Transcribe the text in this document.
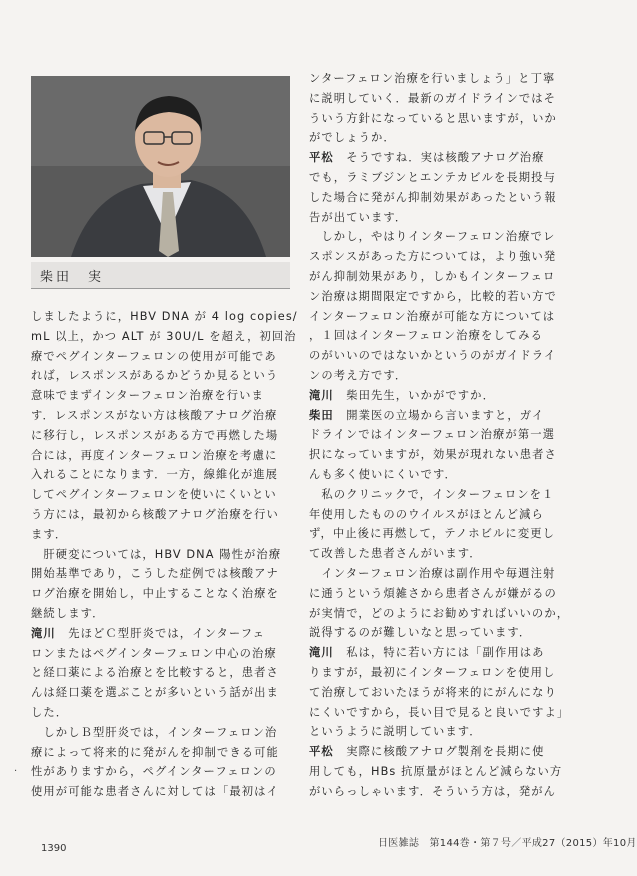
柴田　実
しましたように，HBV DNA が 4 log copies/
mL 以上，かつ ALT が 30U/L を超え，初回治
療でペグインターフェロンの使用が可能であ
れば，レスポンスがあるかどうか見るという
意味でまずインターフェロン治療を行いま
す．レスポンスがない方は核酸アナログ治療
に移行し，レスポンスがある方で再燃した場
合には，再度インターフェロン治療を考慮に
入れることになります．一方，線維化が進展
してペグインターフェロンを使いにくいとい
う方には，最初から核酸アナログ治療を行い
ます．
　肝硬変については，HBV DNA 陽性が治療
開始基準であり，こうした症例では核酸アナ
ログ治療を開始し，中止することなく治療を
継続します．
滝川　 先ほどＣ型肝炎では，インターフェ
ロンまたはペグインターフェロン中心の治療
と経口薬による治療とを比較すると，患者さ
んは経口薬を選ぶことが多いという話が出ま
した．
　しかしＢ型肝炎では，インターフェロン治
療によって将来的に発がんを抑制できる可能
性がありますから，ペグインターフェロンの
使用が可能な患者さんに対しては「最初はイ
ンターフェロン治療を行いましょう」と丁寧
に説明していく．最新のガイドラインではそ
ういう方針になっていると思いますが，いか
がでしょうか．
平松　 そうですね．実は核酸アナログ治療
でも，ラミブジンとエンテカビルを長期投与
した場合に発がん抑制効果があったという報
告が出ています．
　しかし，やはりインターフェロン治療でレ
スポンスがあった方については，より強い発
がん抑制効果があり，しかもインターフェロ
ン治療は期間限定ですから，比較的若い方で
インターフェロン治療が可能な方については
，１回はインターフェロン治療をしてみる
のがいいのではないかというのがガイドライ
ンの考え方です．
滝川　 柴田先生，いかがですか．
柴田　 開業医の立場から言いますと，ガイ
ドラインではインターフェロン治療が第一選
択になっていますが，効果が現れない患者さ
んも多く使いにくいです．
　私のクリニックで，インターフェロンを１
年使用したもののウイルスがほとんど減ら
ず，中止後に再燃して，テノホビルに変更し
て改善した患者さんがいます．
　インターフェロン治療は副作用や毎週注射
に通うという煩雑さから患者さんが嫌がるの
が実情で，どのようにお勧めすればいいのか，
説得するのが難しいなと思っています．
滝川　 私は，特に若い方には「副作用はあ
りますが，最初にインターフェロンを使用し
て治療しておいたほうが将来的にがんになり
にくいですから，長い目で見ると良いですよ」
というように説明しています．
平松　 実際に核酸アナログ製剤を長期に使
用しても，HBs 抗原量がほとんど減らない方
がいらっしゃいます．そういう方は，発がん
.
1390	日医雑誌　第144巻・第７号／平成27（2015）年10月
